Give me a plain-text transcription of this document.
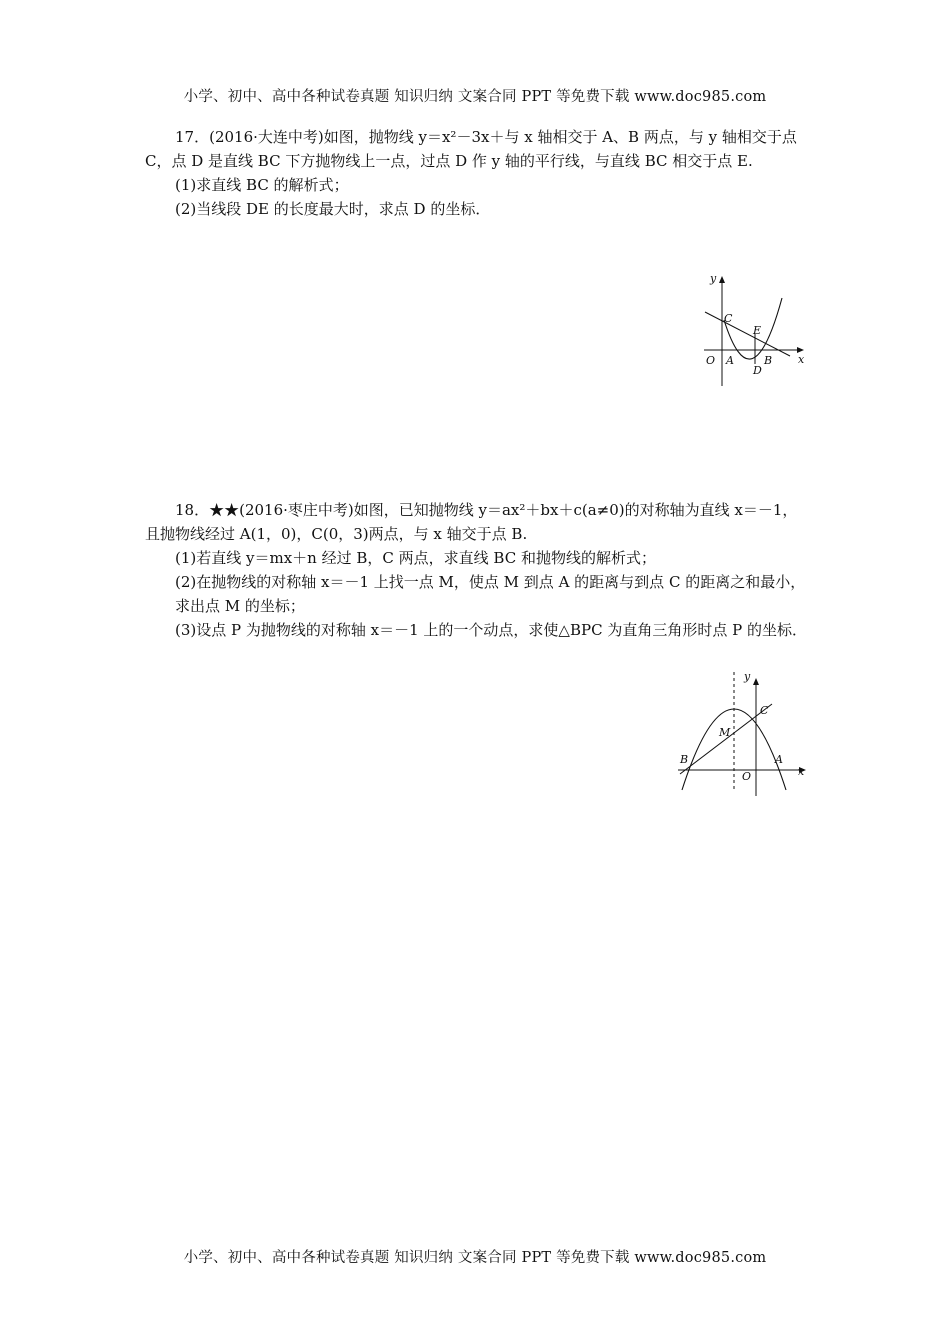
小学、初中、高中各种试卷真题 知识归纳 文案合同 PPT 等免费下载 www.doc985.com

17．(2016·大连中考)如图，抛物线 y＝x²－3x＋与 x 轴相交于 A、B 两点，与 y 轴相交于点 C，点 D 是直线 BC 下方抛物线上一点，过点 D 作 y 轴的平行线，与直线 BC 相交于点 E.

(1)求直线 BC 的解析式；

(2)当线段 DE 的长度最大时，求点 D 的坐标．

y
x
O A	B
C
D
E

18．★★(2016·枣庄中考)如图，已知抛物线 y＝ax²＋bx＋c(a≠0)的对称轴为直线 x＝－1，且抛物线经过 A(1，0)，C(0，3)两点，与 x 轴交于点 B.

(1)若直线 y＝mx＋n 经过 B，C 两点，求直线 BC 和抛物线的解析式；

(2)在抛物线的对称轴 x＝－1 上找一点 M，使点 M 到点 A 的距离与到点 C 的距离之和最小，求出点 M 的坐标；

(3)设点 P 为抛物线的对称轴 x＝－1 上的一个动点，求使△BPC 为直角三角形时点 P 的坐标．

y
x
O
A
B
C
M
小学、初中、高中各种试卷真题 知识归纳 文案合同 PPT 等免费下载 www.doc985.com
